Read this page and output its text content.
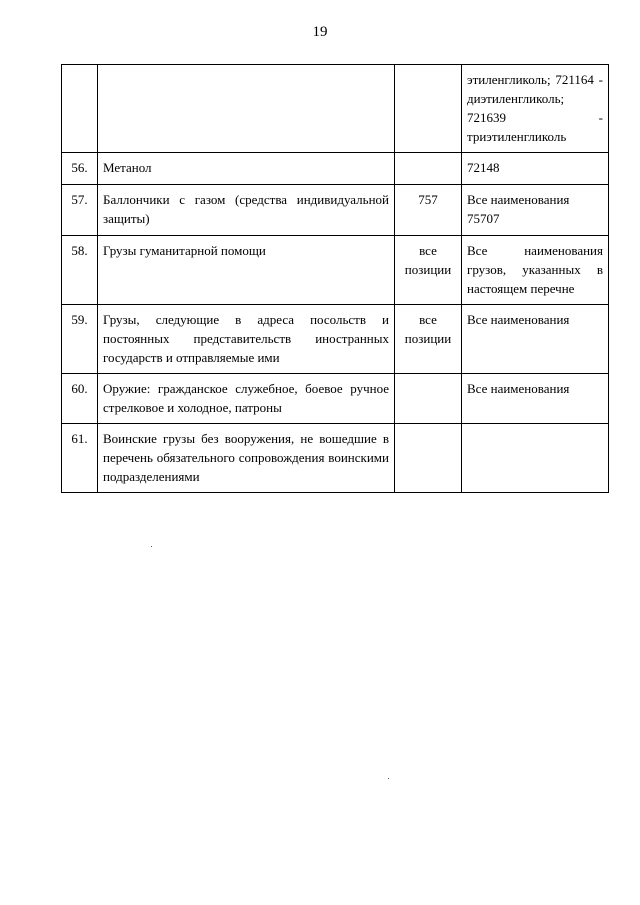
19
			этиленгликоль; 721164 - диэтиленгликоль; 721639 - триэтиленгликоль
56.	Метанол		72148
57.	Баллончики с газом (средства индивидуальной защиты)	757	Все наименования 75707
58.	Грузы гуманитарной помощи	все позиции	Все наименования грузов, указанных в настоящем перечне
59.	Грузы, следующие в адреса посольств и постоянных представительств иностранных государств и отправляемые ими	все позиции	Все наименования
60.	Оружие: гражданское служебное, боевое ручное стрелковое и холодное, патроны		Все наименования
61.	Воинские грузы без вооружения, не вошедшие в перечень обязательного сопровождения воинскими подразделениями		
